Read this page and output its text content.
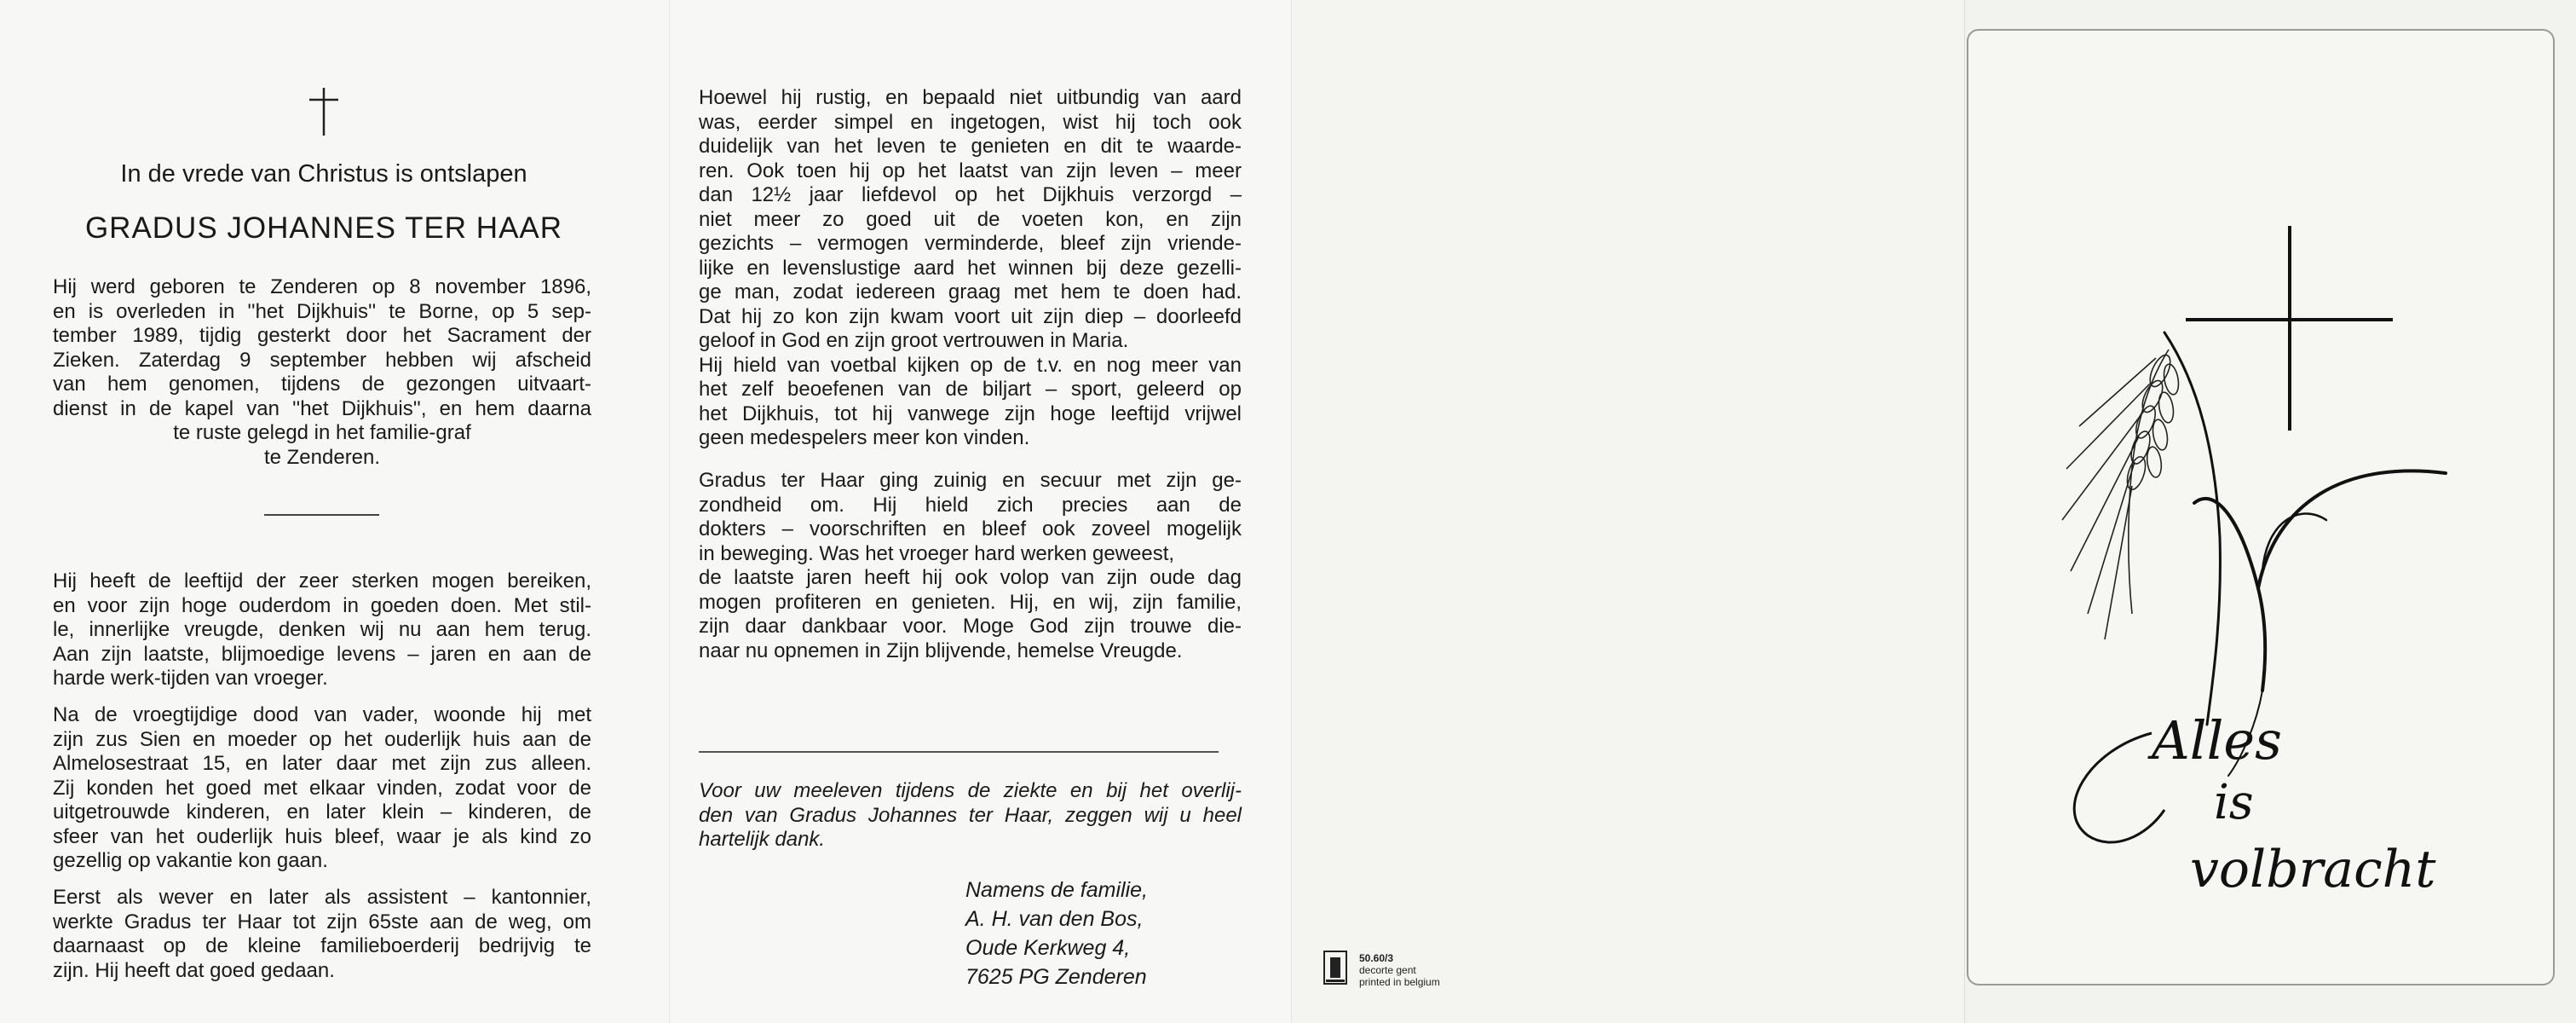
In de vrede van Christus is ontslapen
GRADUS JOHANNES TER HAAR
Hij werd geboren te Zenderen op 8 november 1896,
en is overleden in ''het Dijkhuis'' te Borne, op 5 sep-
tember 1989, tijdig gesterkt door het Sacrament der
Zieken. Zaterdag 9 september hebben wij afscheid
van hem genomen, tijdens de gezongen uitvaart-
dienst in de kapel van ''het Dijkhuis'', en hem daarna
te ruste gelegd in het familie-graf
te Zenderen.
Hij heeft de leeftijd der zeer sterken mogen bereiken,
en voor zijn hoge ouderdom in goeden doen. Met stil-
le, innerlijke vreugde, denken wij nu aan hem terug.
Aan zijn laatste, blijmoedige levens – jaren en aan de
harde werk-tijden van vroeger.
Na de vroegtijdige dood van vader, woonde hij met
zijn zus Sien en moeder op het ouderlijk huis aan de
Almelosestraat 15, en later daar met zijn zus alleen.
Zij konden het goed met elkaar vinden, zodat voor de
uitgetrouwde kinderen, en later klein – kinderen, de
sfeer van het ouderlijk huis bleef, waar je als kind zo
gezellig op vakantie kon gaan.
Eerst als wever en later als assistent – kantonnier,
werkte Gradus ter Haar tot zijn 65ste aan de weg, om
daarnaast op de kleine familieboerderij bedrijvig te
zijn. Hij heeft dat goed gedaan.
Hoewel hij rustig, en bepaald niet uitbundig van aard
was, eerder simpel en ingetogen, wist hij toch ook
duidelijk van het leven te genieten en dit te waarde-
ren. Ook toen hij op het laatst van zijn leven – meer
dan 12½ jaar liefdevol op het Dijkhuis verzorgd –
niet meer zo goed uit de voeten kon, en zijn
gezichts – vermogen verminderde, bleef zijn vriende-
lijke en levenslustige aard het winnen bij deze gezelli-
ge man, zodat iedereen graag met hem te doen had.
Dat hij zo kon zijn kwam voort uit zijn diep – doorleefd
geloof in God en zijn groot vertrouwen in Maria.
Hij hield van voetbal kijken op de t.v. en nog meer van
het zelf beoefenen van de biljart – sport, geleerd op
het Dijkhuis, tot hij vanwege zijn hoge leeftijd vrijwel
geen medespelers meer kon vinden.
Gradus ter Haar ging zuinig en secuur met zijn ge-
zondheid om. Hij hield zich precies aan de
dokters – voorschriften en bleef ook zoveel mogelijk
in beweging. Was het vroeger hard werken geweest,
de laatste jaren heeft hij ook volop van zijn oude dag
mogen profiteren en genieten. Hij, en wij, zijn familie,
zijn daar dankbaar voor. Moge God zijn trouwe die-
naar nu opnemen in Zijn blijvende, hemelse Vreugde.
Voor uw meeleven tijdens de ziekte en bij het overlij-
den van Gradus Johannes ter Haar, zeggen wij u heel
hartelijk dank.
Namens de familie,
A. H. van den Bos,
Oude Kerkweg 4,
7625 PG Zenderen
50.60/3
decorte gent
printed in belgium
Alles
is
volbracht
